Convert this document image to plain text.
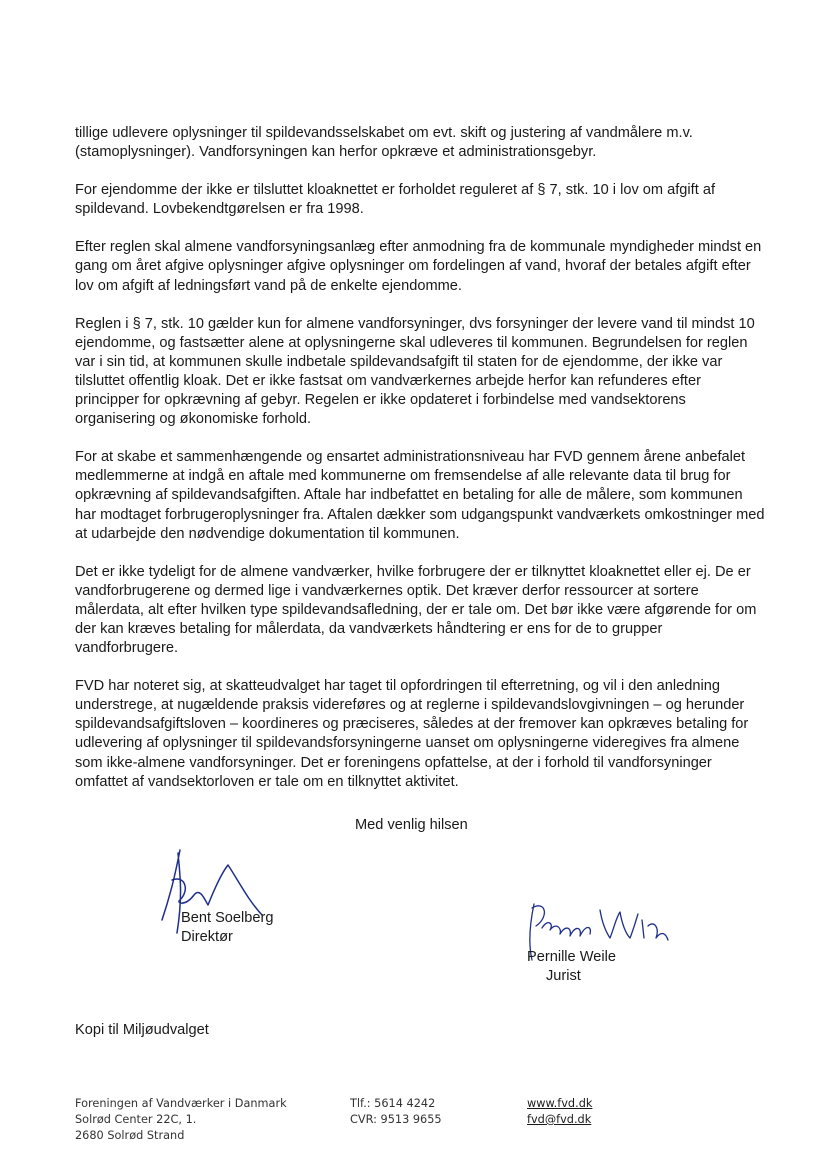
tillige udlevere oplysninger til spildevandsselskabet om evt. skift og justering af vandmålere m.v. (stamoplysninger). Vandforsyningen kan herfor opkræve et administrationsgebyr.

For ejendomme der ikke er tilsluttet kloaknettet er forholdet reguleret af § 7, stk. 10 i lov om afgift af spildevand. Lovbekendtgørelsen er fra 1998.

Efter reglen skal almene vandforsyningsanlæg efter anmodning fra de kommunale myndigheder mindst en gang om året afgive oplysninger afgive oplysninger om fordelingen af vand, hvoraf der betales afgift efter lov om afgift af ledningsført vand på de enkelte ejendomme.

Reglen i § 7, stk. 10 gælder kun for almene vandforsyninger, dvs forsyninger der levere vand til mindst 10 ejendomme, og fastsætter alene at oplysningerne skal udleveres til kommunen. Begrundelsen for reglen var i sin tid, at kommunen skulle indbetale spildevandsafgift til staten for de ejendomme, der ikke var tilsluttet offentlig kloak. Det er ikke fastsat om vandværkernes arbejde herfor kan refunderes efter principper for opkrævning af gebyr. Regelen er ikke opdateret i forbindelse med vandsektorens organisering og økonomiske forhold.

For at skabe et sammenhængende og ensartet administrationsniveau har FVD gennem årene anbefalet medlemmerne at indgå en aftale med kommunerne om fremsendelse af alle relevante data til brug for opkrævning af spildevandsafgiften. Aftale har indbefattet en betaling for alle de målere, som kommunen har modtaget forbrugeroplysninger fra. Aftalen dækker som udgangspunkt vandværkets omkostninger med at udarbejde den nødvendige dokumentation til kommunen.

Det er ikke tydeligt for de almene vandværker, hvilke forbrugere der er tilknyttet kloaknettet eller ej. De er vandforbrugerene og dermed lige i vandværkernes optik. Det kræver derfor ressourcer at sortere målerdata, alt efter hvilken type spildevandsafledning, der er tale om. Det bør ikke være afgørende for om der kan kræves betaling for målerdata, da vandværkets håndtering er ens for de to grupper vandforbrugere.

FVD har noteret sig, at skatteudvalget har taget til opfordringen til efterretning, og vil i den anledning understrege, at nugældende praksis videreføres og at reglerne i spildevandslovgivningen – og herunder spildevandsafgiftsloven – koordineres og præciseres, således at der fremover kan opkræves betaling for udlevering af oplysninger til spildevandsforsyningerne uanset om oplysningerne videregives fra almene som ikke-almene vandforsyninger. Det er foreningens opfattelse, at der i forhold til vandforsyninger omfattet af vandsektorloven er tale om en tilknyttet aktivitet.

Med venlig hilsen
Bent Soelberg
Direktør
Pernille Weile
Jurist
Kopi til Miljøudvalget
Foreningen af Vandværker i Danmark
Solrød Center 22C, 1.
2680 Solrød Strand
Tlf.: 5614 4242
CVR: 9513 9655
www.fvd.dk
fvd@fvd.dk
